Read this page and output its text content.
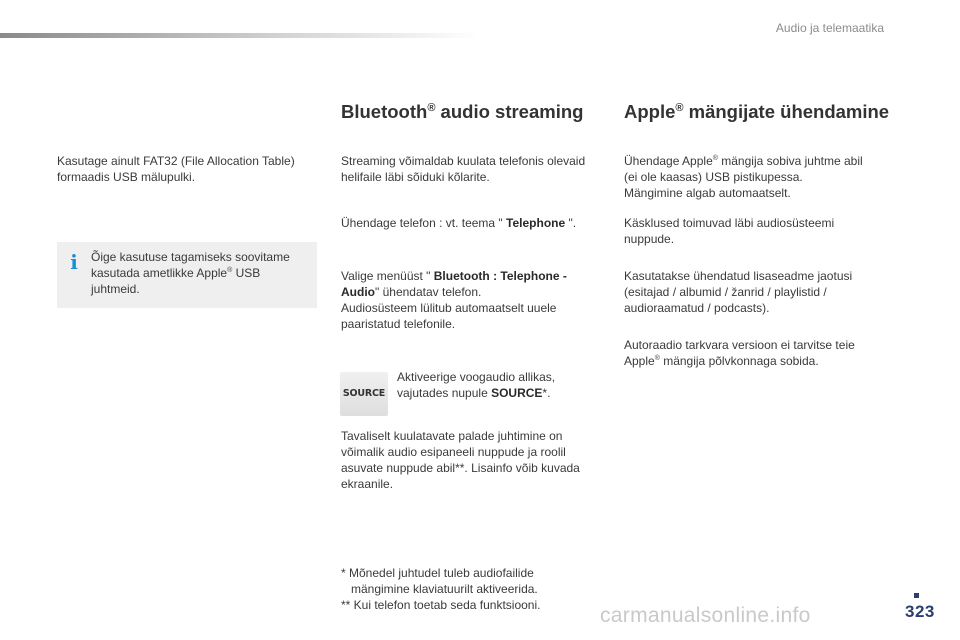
Audio ja telemaatika

Kasutage ainult FAT32 (File Allocation Table)
formaadis USB mälupulki.

i Õige kasutuse tagamiseks soovitame
kasutada ametlikke Apple® USB
juhtmeid.
Bluetooth® audio streaming

Streaming võimaldab kuulata telefonis olevaid
helifaile läbi sõiduki kõlarite.

Ühendage telefon : vt. teema " Telephone ".

Valige menüüst " Bluetooth : Telephone -
Audio" ühendatav telefon.
Audiosüsteem lülitub automaatselt uuele
paaristatud telefonile.

SOURCE

Aktiveerige voogaudio allikas,
vajutades nupule SOURCE*.

Tavaliselt kuulatavate palade juhtimine on
võimalik audio esipaneeli nuppude ja roolil
asuvate nuppude abil**. Lisainfo võib kuvada
ekraanile.

* Mõnedel juhtudel tuleb audiofailide
mängimine klaviatuurilt aktiveerida.
** Kui telefon toetab seda funktsiooni.

Apple® mängijate ühendamine

Ühendage Apple® mängija sobiva juhtme abil
(ei ole kaasas) USB pistikupessa.
Mängimine algab automaatselt.

Käsklused toimuvad läbi audiosüsteemi
nuppude.

Kasutatakse ühendatud lisaseadme jaotusi
(esitajad / albumid / žanrid / playlistid /
audioraamatud / podcasts).

Autoraadio tarkvara versioon ei tarvitse teie
Apple® mängija põlvkonnaga sobida.

323
carmanualsonline.info
